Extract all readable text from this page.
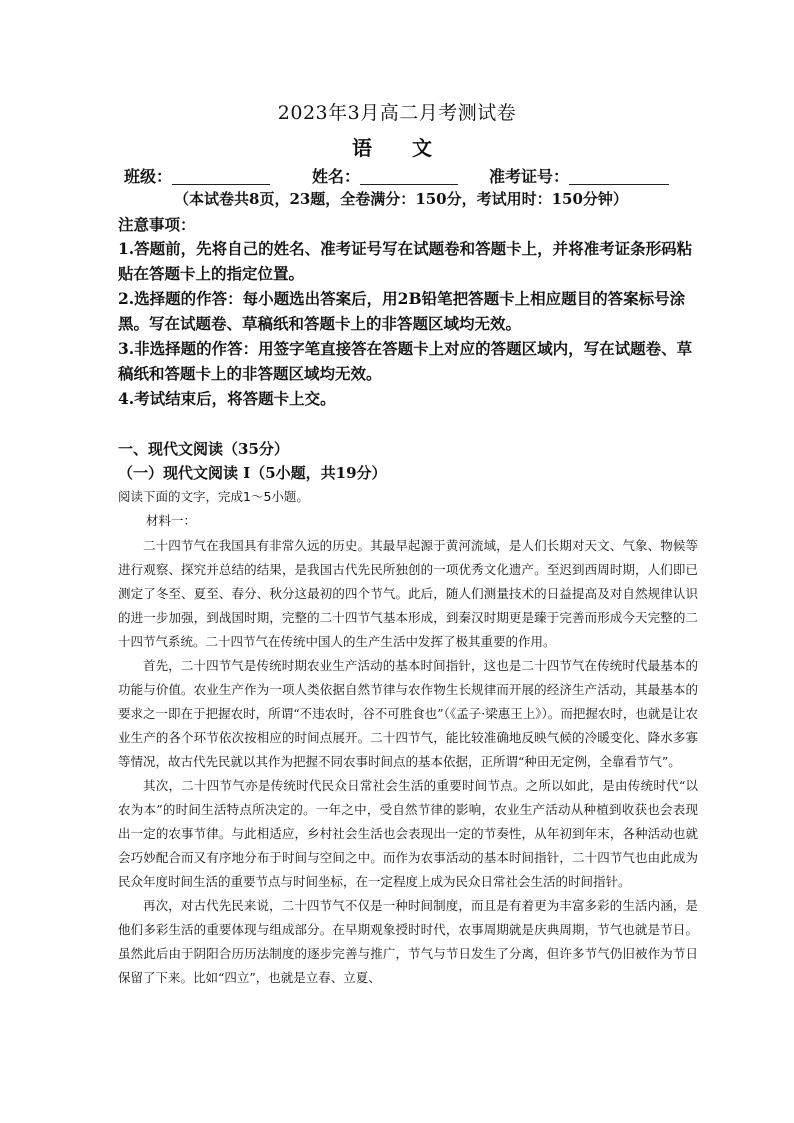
2023年3月高二月考测试卷
语　文
班级：	姓名：	准考证号：
（本试卷共8页，23题，全卷满分：150分，考试用时：150分钟）
注意事项：

1.答题前，先将自己的姓名、准考证号写在试题卷和答题卡上，并将准考证条形码粘贴在答题卡上的指定位置。

2.选择题的作答：每小题选出答案后，用2B铅笔把答题卡上相应题目的答案标号涂黑。写在试题卷、草稿纸和答题卡上的非答题区域均无效。

3.非选择题的作答：用签字笔直接答在答题卡上对应的答题区域内，写在试题卷、草稿纸和答题卡上的非答题区域均无效。

4.考试结束后，将答题卡上交。

一、现代文阅读（35分）
（一）现代文阅读 I（5小题，共19分）
阅读下面的文字，完成1～5小题。
材料一：

二十四节气在我国具有非常久远的历史。其最早起源于黄河流域，是人们长期对天文、气象、物候等进行观察、探究并总结的结果，是我国古代先民所独创的一项优秀文化遗产。至迟到西周时期，人们即已测定了冬至、夏至、春分、秋分这最初的四个节气。此后，随人们测量技术的日益提高及对自然规律认识的进一步加强，到战国时期，完整的二十四节气基本形成，到秦汉时期更是臻于完善而形成今天完整的二十四节气系统。二十四节气在传统中国人的生产生活中发挥了极其重要的作用。

首先，二十四节气是传统时期农业生产活动的基本时间指针，这也是二十四节气在传统时代最基本的功能与价值。农业生产作为一项人类依据自然节律与农作物生长规律而开展的经济生产活动，其最基本的要求之一即在于把握农时，所谓“不违农时，谷不可胜食也”（《孟子·梁惠王上》）。而把握农时，也就是让农业生产的各个环节依次按相应的时间点展开。二十四节气，能比较准确地反映气候的冷暖变化、降水多寡等情况，故古代先民就以其作为把握不同农事时间点的基本依据，正所谓“种田无定例，全靠看节气”。

其次，二十四节气亦是传统时代民众日常社会生活的重要时间节点。之所以如此，是由传统时代“以农为本”的时间生活特点所决定的。一年之中，受自然节律的影响，农业生产活动从种植到收获也会表现出一定的农事节律。与此相适应，乡村社会生活也会表现出一定的节奏性，从年初到年末，各种活动也就会巧妙配合而又有序地分布于时间与空间之中。而作为农事活动的基本时间指针，二十四节气也由此成为民众年度时间生活的重要节点与时间坐标，在一定程度上成为民众日常社会生活的时间指针。

再次，对古代先民来说，二十四节气不仅是一种时间制度，而且是有着更为丰富多彩的生活内涵，是他们多彩生活的重要体现与组成部分。在早期观象授时时代，农事周期就是庆典周期，节气也就是节日。虽然此后由于阴阳合历历法制度的逐步完善与推广，节气与节日发生了分离，但许多节气仍旧被作为节日保留了下来。比如“四立”，也就是立春、立夏、
